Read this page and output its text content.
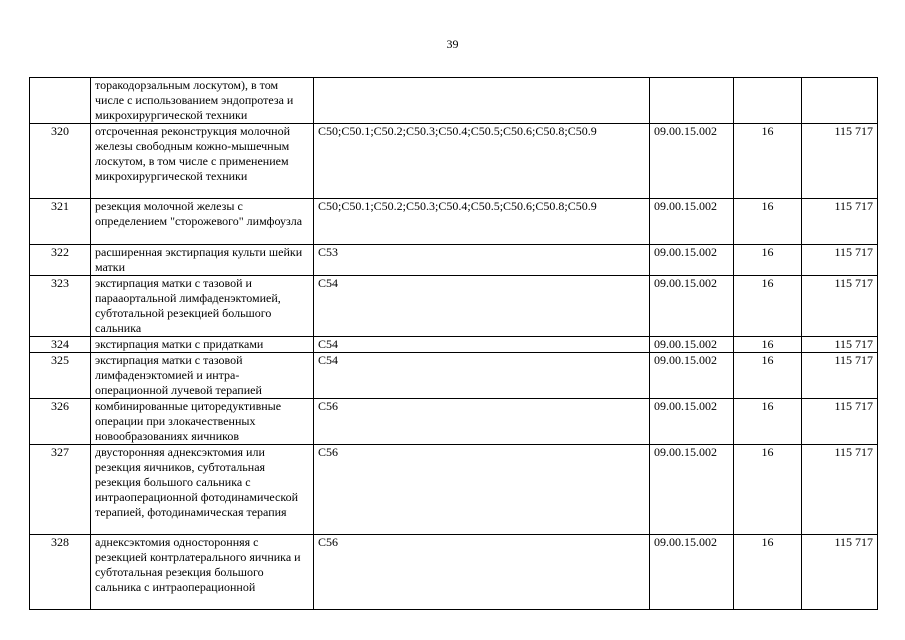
39
	торакодорзальным лоскутом), в том числе с использованием эндопротеза и микрохирургической техники				
320	отсроченная реконструкция молочной железы свободным кожно-мышечным лоскутом, в том числе с применением микрохирургической техники	C50;C50.1;C50.2;C50.3;C50.4;C50.5;C50.6;C50.8;C50.9	09.00.15.002	16	115 717
321	резекция молочной железы с определением "сторожевого" лимфоузла	C50;C50.1;C50.2;C50.3;C50.4;C50.5;C50.6;C50.8;C50.9	09.00.15.002	16	115 717
322	расширенная экстирпация культи шейки матки	C53	09.00.15.002	16	115 717
323	экстирпация матки с тазовой и парааортальной лимфаденэктомией, субтотальной резекцией большого сальника	C54	09.00.15.002	16	115 717
324	экстирпация матки с придатками	C54	09.00.15.002	16	115 717
325	экстирпация матки с тазовой лимфаденэктомией и интра-операционной лучевой терапией	C54	09.00.15.002	16	115 717
326	комбинированные циторедуктивные операции при злокачественных новообразованиях яичников	C56	09.00.15.002	16	115 717
327	двусторонняя аднексэктомия или резекция яичников, субтотальная резекция большого сальника с интраоперационной фотодинамической терапией, фотодинамическая терапия	C56	09.00.15.002	16	115 717
328	аднексэктомия односторонняя с резекцией контрлатерального яичника и субтотальная резекция большого сальника с интраоперационной	C56	09.00.15.002	16	115 717
